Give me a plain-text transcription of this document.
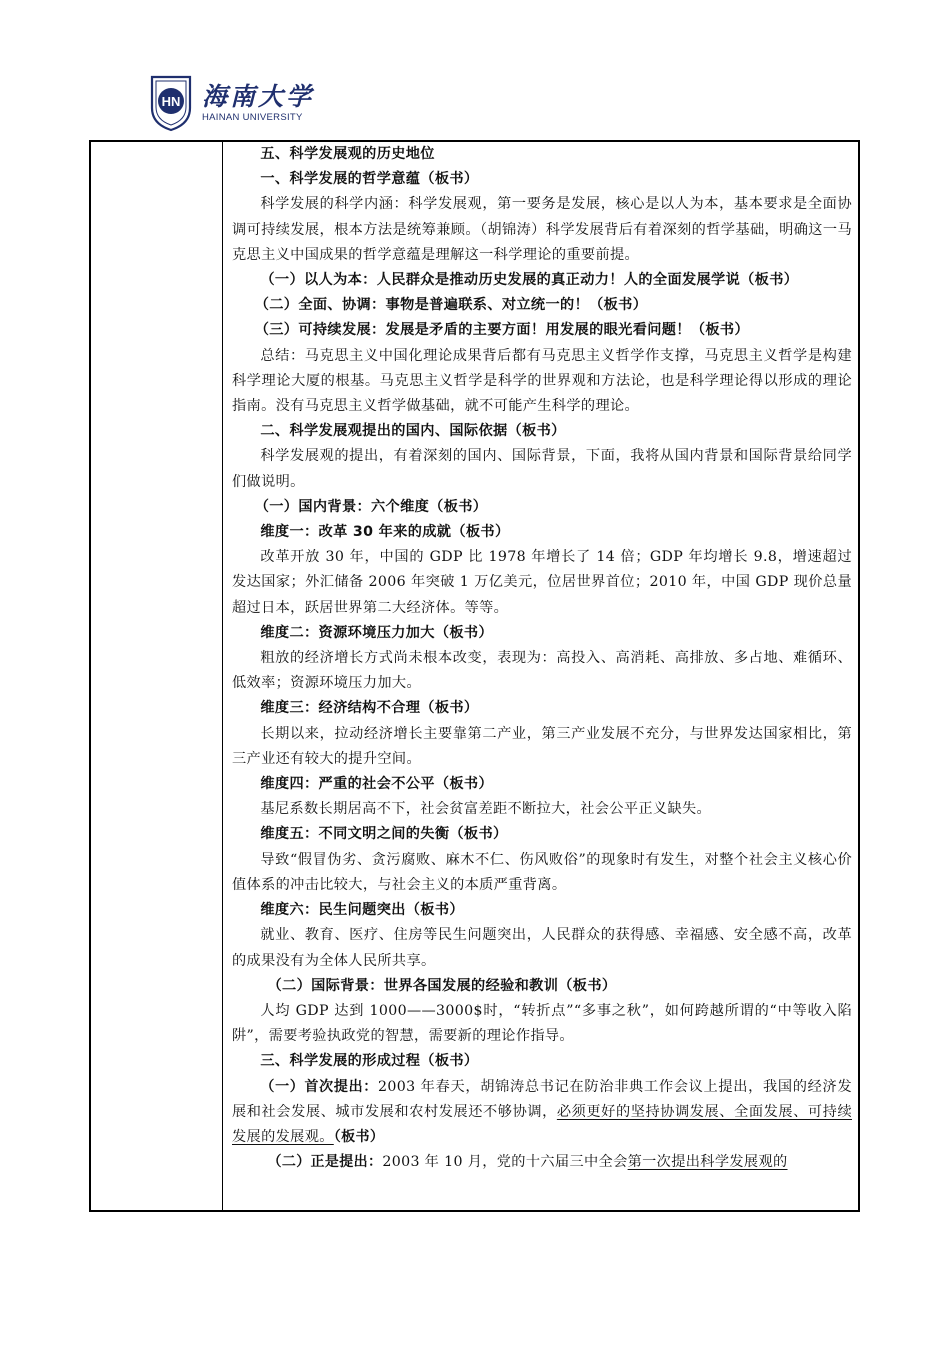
HN 海南大学
HAINAN UNIVERSITY

五、科学发展观的历史地位

一、科学发展的哲学意蕴（板书）

科学发展的科学内涵：科学发展观，第一要务是发展，核心是以人为本，基本要求是全面协调可持续发展，根本方法是统筹兼顾。（胡锦涛）科学发展背后有着深刻的哲学基础，明确这一马克思主义中国成果的哲学意蕴是理解这一科学理论的重要前提。

（一）以人为本：人民群众是推动历史发展的真正动力！人的全面发展学说（板书）

（二）全面、协调：事物是普遍联系、对立统一的！（板书）

（三）可持续发展：发展是矛盾的主要方面！用发展的眼光看问题！（板书）

总结：马克思主义中国化理论成果背后都有马克思主义哲学作支撑，马克思主义哲学是构建科学理论大厦的根基。马克思主义哲学是科学的世界观和方法论，也是科学理论得以形成的理论指南。没有马克思主义哲学做基础，就不可能产生科学的理论。

二、科学发展观提出的国内、国际依据（板书）

科学发展观的提出，有着深刻的国内、国际背景，下面，我将从国内背景和国际背景给同学们做说明。

（一）国内背景：六个维度（板书）

维度一：改革 30 年来的成就（板书）

改革开放 30 年，中国的 GDP 比 1978 年增长了 14 倍；GDP 年均增长 9.8，增速超过发达国家；外汇储备 2006 年突破 1 万亿美元，位居世界首位；2010 年，中国 GDP 现价总量超过日本，跃居世界第二大经济体。等等。

维度二：资源环境压力加大（板书）

粗放的经济增长方式尚未根本改变，表现为：高投入、高消耗、高排放、多占地、难循环、低效率；资源环境压力加大。

维度三：经济结构不合理（板书）

长期以来，拉动经济增长主要靠第二产业，第三产业发展不充分，与世界发达国家相比，第三产业还有较大的提升空间。

维度四：严重的社会不公平（板书）

基尼系数长期居高不下，社会贫富差距不断拉大，社会公平正义缺失。

维度五：不同文明之间的失衡（板书）

导致“假冒伪劣、贪污腐败、麻木不仁、伤风败俗”的现象时有发生，对整个社会主义核心价值体系的冲击比较大，与社会主义的本质严重背离。

维度六：民生问题突出（板书）

就业、教育、医疗、住房等民生问题突出，人民群众的获得感、幸福感、安全感不高，改革的成果没有为全体人民所共享。

（二）国际背景：世界各国发展的经验和教训（板书）

人均 GDP 达到 1000——3000$时，“转折点”“多事之秋”，如何跨越所谓的“中等收入陷阱”，需要考验执政党的智慧，需要新的理论作指导。

三、科学发展的形成过程（板书）

（一）首次提出：2003 年春天，胡锦涛总书记在防治非典工作会议上提出，我国的经济发展和社会发展、城市发展和农村发展还不够协调，必须更好的坚持协调发展、全面发展、可持续发展的发展观。（板书）

（二）正是提出：2003 年 10 月，党的十六届三中全会第一次提出科学发展观的
